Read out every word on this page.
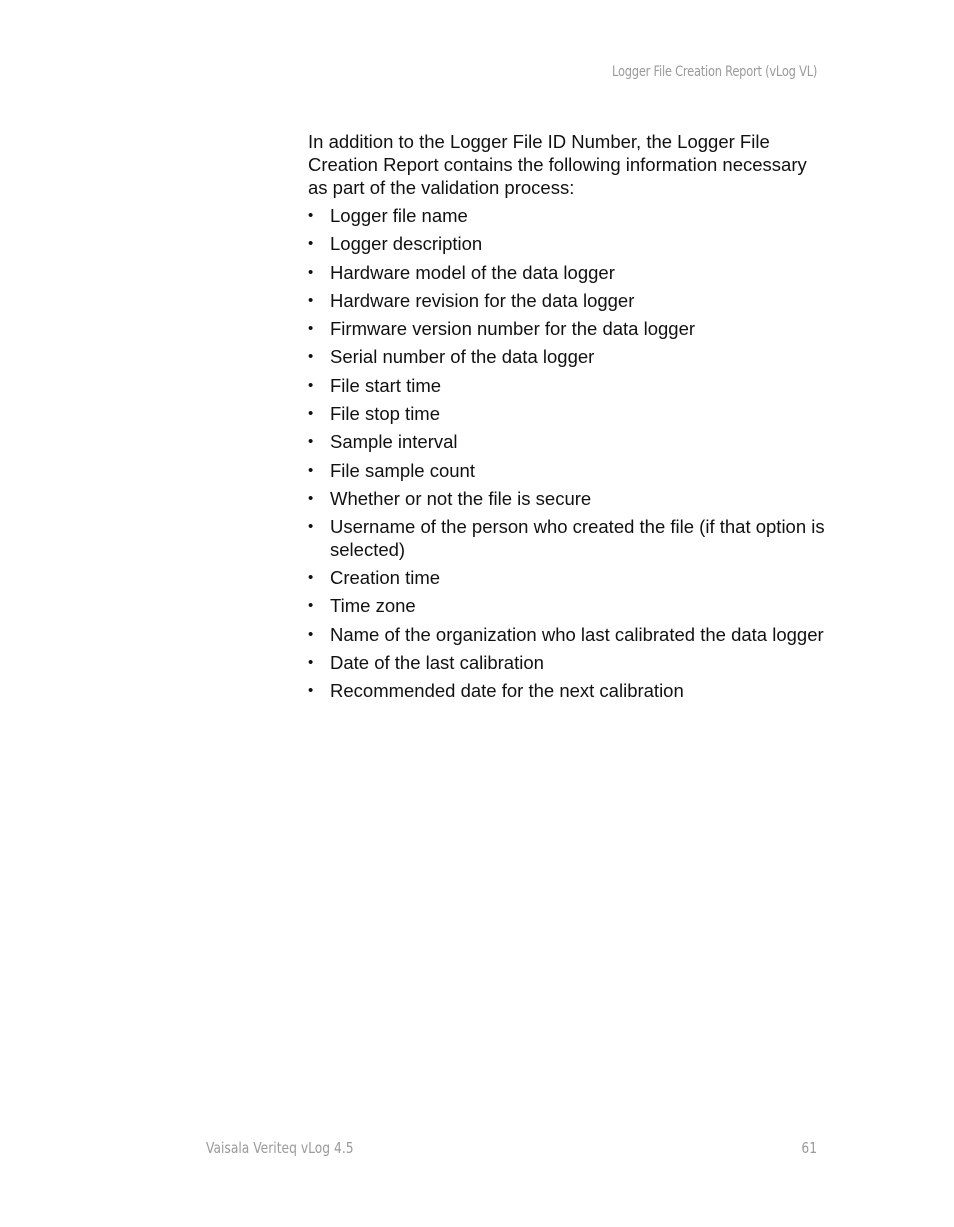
Logger File Creation Report (vLog VL)

In addition to the Logger File ID Number, the Logger File Creation Report contains the following information necessary as part of the validation process:

• Logger file name
• Logger description
• Hardware model of the data logger
• Hardware revision for the data logger
• Firmware version number for the data logger
• Serial number of the data logger
• File start time
• File stop time
• Sample interval
• File sample count
• Whether or not the file is secure
• Username of the person who created the file (if that option is selected)
• Creation time
• Time zone
• Name of the organization who last calibrated the data logger
• Date of the last calibration
• Recommended date for the next calibration
Vaisala Veriteq vLog 4.5	61
